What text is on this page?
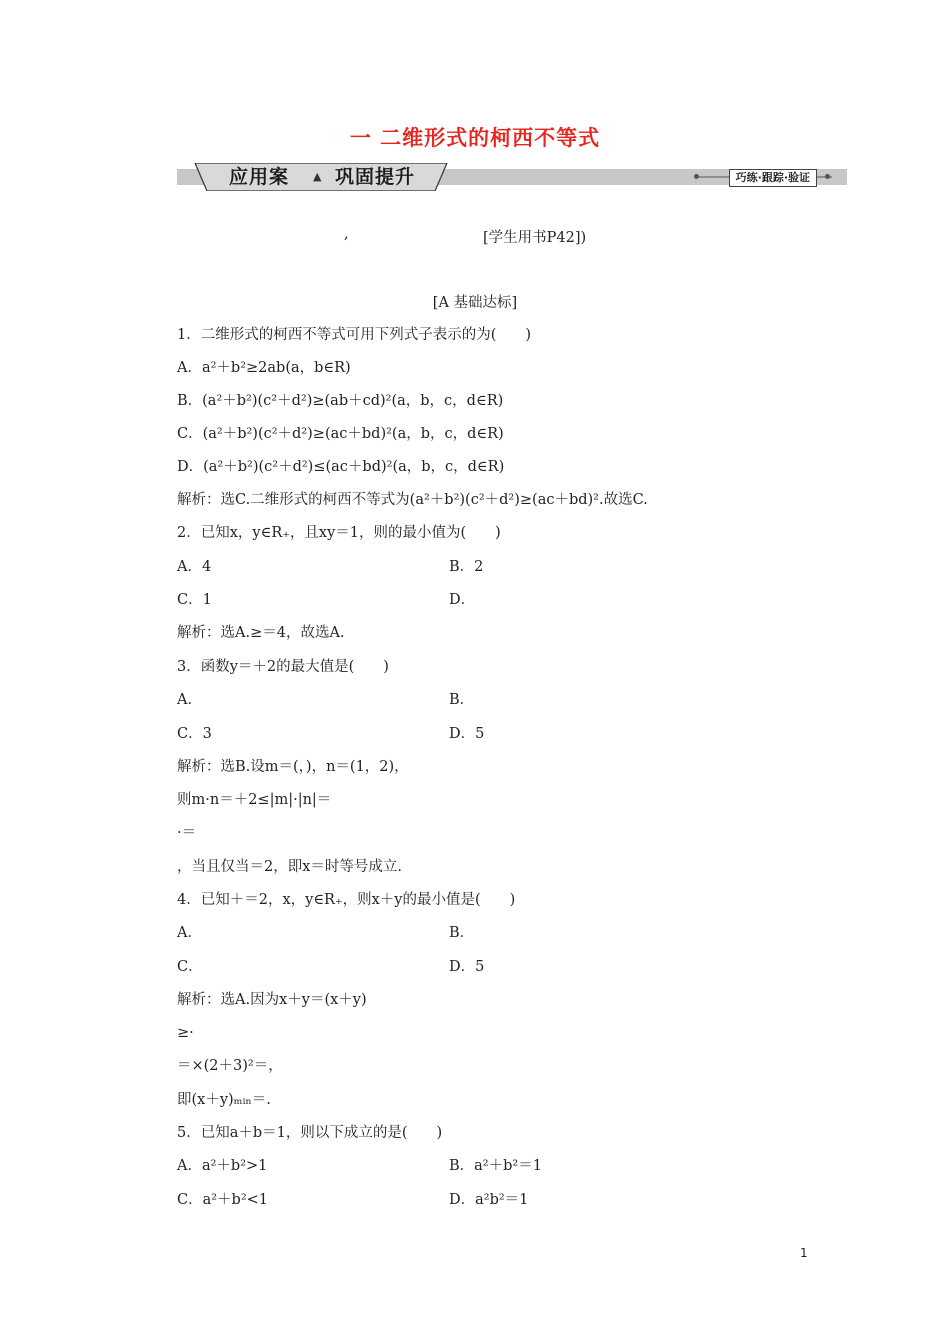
一 二维形式的柯西不等式
应用案 ▲ 巩固提升	巧练·跟踪·验证
,	[学生用书P42])
[A 基础达标]
1．二维形式的柯西不等式可用下列式子表示的为(　　)
A．a²＋b²≥2ab(a，b∈R)
B．(a²＋b²)(c²＋d²)≥(ab＋cd)²(a，b，c，d∈R)
C．(a²＋b²)(c²＋d²)≥(ac＋bd)²(a，b，c，d∈R)
D．(a²＋b²)(c²＋d²)≤(ac＋bd)²(a，b，c，d∈R)
解析：选C.二维形式的柯西不等式为(a²＋b²)(c²＋d²)≥(ac＋bd)².故选C.
2．已知x，y∈R₊，且xy＝1，则的最小值为(　　)
A．4
C．1
解析：选A.≥＝4，故选A.
3．函数y＝＋2的最大值是(　　)
A．
C．3
解析：选B.设m＝(，)，n＝(1，2)，
则m·n＝＋2≤|m|·|n|＝
·＝
，当且仅当＝2，即x＝时等号成立.
4．已知＋＝2，x，y∈R₊，则x＋y的最小值是(　　)
A．
C．
解析：选A.因为x＋y＝(x＋y)
≥·
＝×(2＋3)²＝，
即(x＋y)ₘᵢₙ＝.
5．已知a＋b＝1，则以下成立的是(　　)
A．a²＋b²>1
C．a²＋b²<1
B．2
D．
B．
D．5
B．
D．5
B．a²＋b²＝1
D．a²b²＝1
1
